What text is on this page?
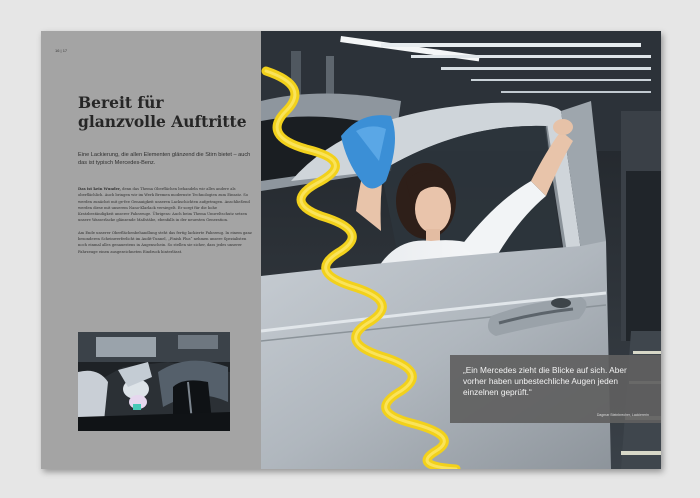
16 | 17
Bereit für glanzvolle Auftritte

Eine Lackierung, die allen Elementen glänzend die Stirn bietet – auch das ist typisch Mercedes-Benz.

Das ist kein Wunder, denn das Thema Oberflächen behandeln wir alles andere als oberflächlich. Auch bringen wir im Werk Bremen modernste Technologien zum Einsatz. So werden zunächst mit ge-fee Genauigkeit unseren Lackschichten aufgetragen. Anschließend werden diese mit unserem Nano-Klarlack versiegelt. Er sorgt für die hohe Kratzbeständigkeit unserer Fahrzeuge. Übrigens: Auch beim Thema Umweltschutz setzen unsere Wasserlacke glänzende Maßstäbe, ebenfalls in der neuesten Generation.

Am Ende unserer Oberflächenbehandlung steht das fertig lackierte Fahrzeug. In einem ganz besonderen Scheinwerferlicht im Audit-Tunnel, „Finish Plus“ nehmen unsere Spezialisten noch einmal alles genauestens in Augenschein. So stellen sie sicher, dass jedes unserer Fahrzeuge einen ausgezeichneten Eindruck hinterlässt.

„Ein Mercedes zieht die Blicke auf sich. Aber vorher haben unbestechliche Augen jeden einzelnen geprüft.“

Dagmar Steinbrecher, Lackiererin
